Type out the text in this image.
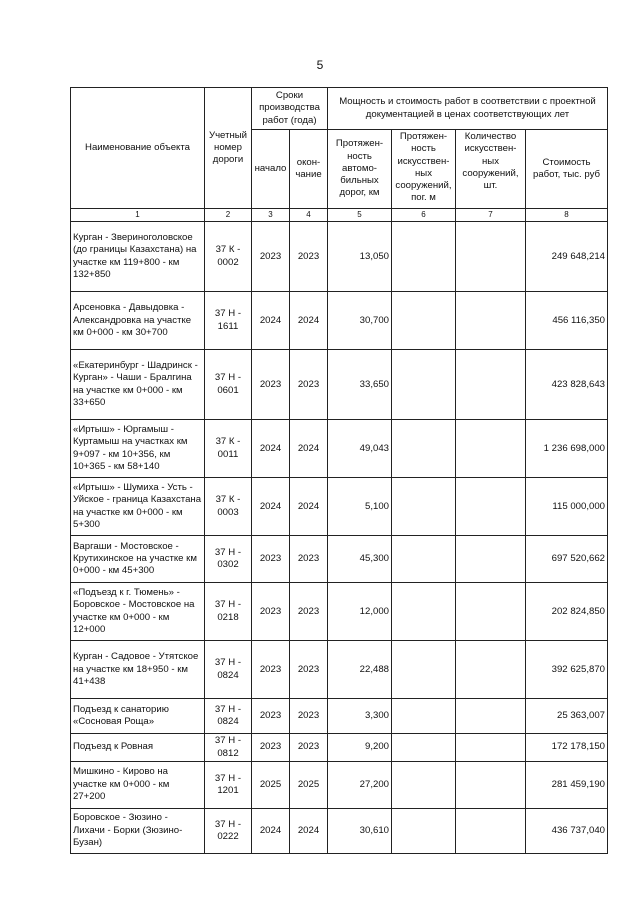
5
Наименование объекта	Учетный номер дороги	Сроки производства работ (года)		Мощность и стоимость работ в соответствии с проектной документацией в ценах соответствующих лет			
		начало	окон-чание	Протяжен-ность автомо-бильных дорог, км	Протяжен-ность искусствен-ных сооружений, пог. м	Количество искусствен-ных сооружений, шт.	Стоимость работ, тыс. руб
1	2	3	4	5	6	7	8
Курган - Звериноголовское (до границы Казахстана) на участке км 119+800 - км 132+850	37 К - 0002	2023	2023	13,050			249 648,214
Арсеновка - Давыдовка - Александровка на участке км 0+000 - км 30+700	37 Н - 1611	2024	2024	30,700			456 116,350
«Екатеринбург - Шадринск - Курган» - Чаши - Бралгина на участке км 0+000 - км 33+650	37 Н - 0601	2023	2023	33,650			423 828,643
«Иртыш» - Юргамыш - Куртамыш на участках км 9+097 - км 10+356, км 10+365 - км 58+140	37 К - 0011	2024	2024	49,043			1 236 698,000
«Иртыш» - Шумиха - Усть - Уйское - граница Казахстана на участке км 0+000 - км 5+300	37 К - 0003	2024	2024	5,100			115 000,000
Варгаши - Мостовское - Крутихинское на участке км 0+000 - км 45+300	37 Н - 0302	2023	2023	45,300			697 520,662
«Подъезд к г. Тюмень» - Боровское - Мостовское на участке км 0+000 - км 12+000	37 Н - 0218	2023	2023	12,000			202 824,850
Курган - Садовое - Утятское на участке км 18+950 - км 41+438	37 Н - 0824	2023	2023	22,488			392 625,870
Подъезд к санаторию «Сосновая Роща»	37 Н - 0824	2023	2023	3,300			25 363,007
Подъезд к Ровная	37 Н - 0812	2023	2023	9,200			172 178,150
Мишкино - Кирово на участке км 0+000 - км 27+200	37 Н - 1201	2025	2025	27,200			281 459,190
Боровское - Зюзино - Лихачи - Борки (Зюзино-Бузан)	37 Н - 0222	2024	2024	30,610			436 737,040
